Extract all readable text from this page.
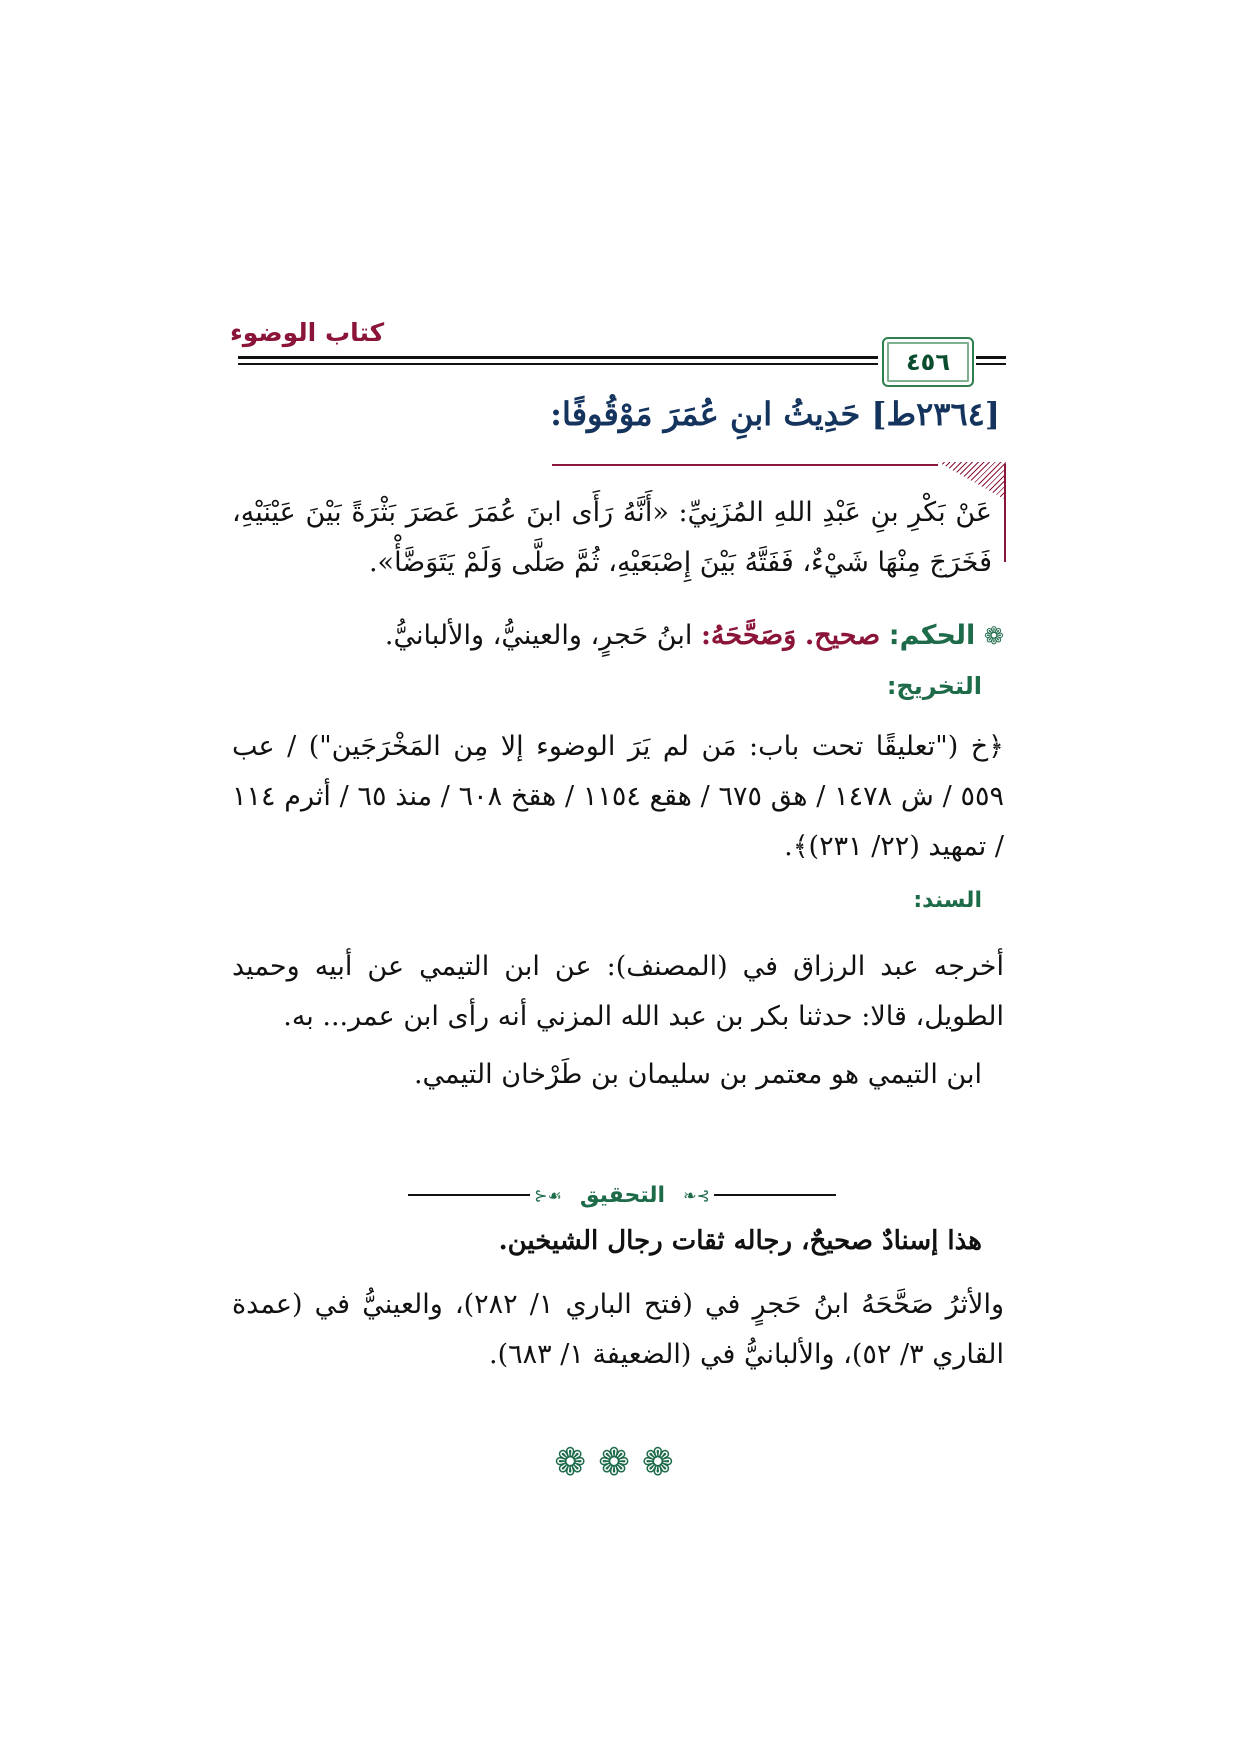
كتاب الوضوء
٤٥٦
[٢٣٦٤ط] حَدِيثُ ابنِ عُمَرَ مَوْقُوفًا:
عَنْ بَكْرِ بنِ عَبْدِ اللهِ المُزَنِيِّ: «أَنَّهُ رَأَى ابنَ عُمَرَ عَصَرَ بَثْرَةً بَيْنَ عَيْنَيْهِ، فَخَرَجَ مِنْهَا شَيْءٌ، فَفَتَّهُ بَيْنَ إِصْبَعَيْهِ، ثُمَّ صَلَّى وَلَمْ يَتَوَضَّأْ».
❁ الحكم: صحيح. وَصَحَّحَهُ: ابنُ حَجرٍ، والعينيُّ، والألبانيُّ.
التخريج:
﴿خ ("تعليقًا تحت باب: مَن لم يَرَ الوضوء إلا مِن المَخْرَجَين") / عب ٥٥٩ / ش ١٤٧٨ / هق ٦٧٥ / هقع ١١٥٤ / هقخ ٦٠٨ / منذ ٦٥ / أثرم ١١٤ / تمهيد (٢٢/ ٢٣١)﴾.
السند:
أخرجه عبد الرزاق في (المصنف): عن ابن التيمي عن أبيه وحميد الطويل، قالا: حدثنا بكر بن عبد الله المزني أنه رأى ابن عمر... به.
ابن التيمي هو معتمر بن سليمان بن طَرْخان التيمي.
⊱❧
التحقيق
☙⊰
هذا إسنادٌ صحيحٌ، رجاله ثقات رجال الشيخين.
والأثرُ صَحَّحَهُ ابنُ حَجرٍ في (فتح الباري ١/ ٢٨٢)، والعينيُّ في (عمدة القاري ٣/ ٥٢)، والألبانيُّ في (الضعيفة ١/ ٦٨٣).
❁❁❁
